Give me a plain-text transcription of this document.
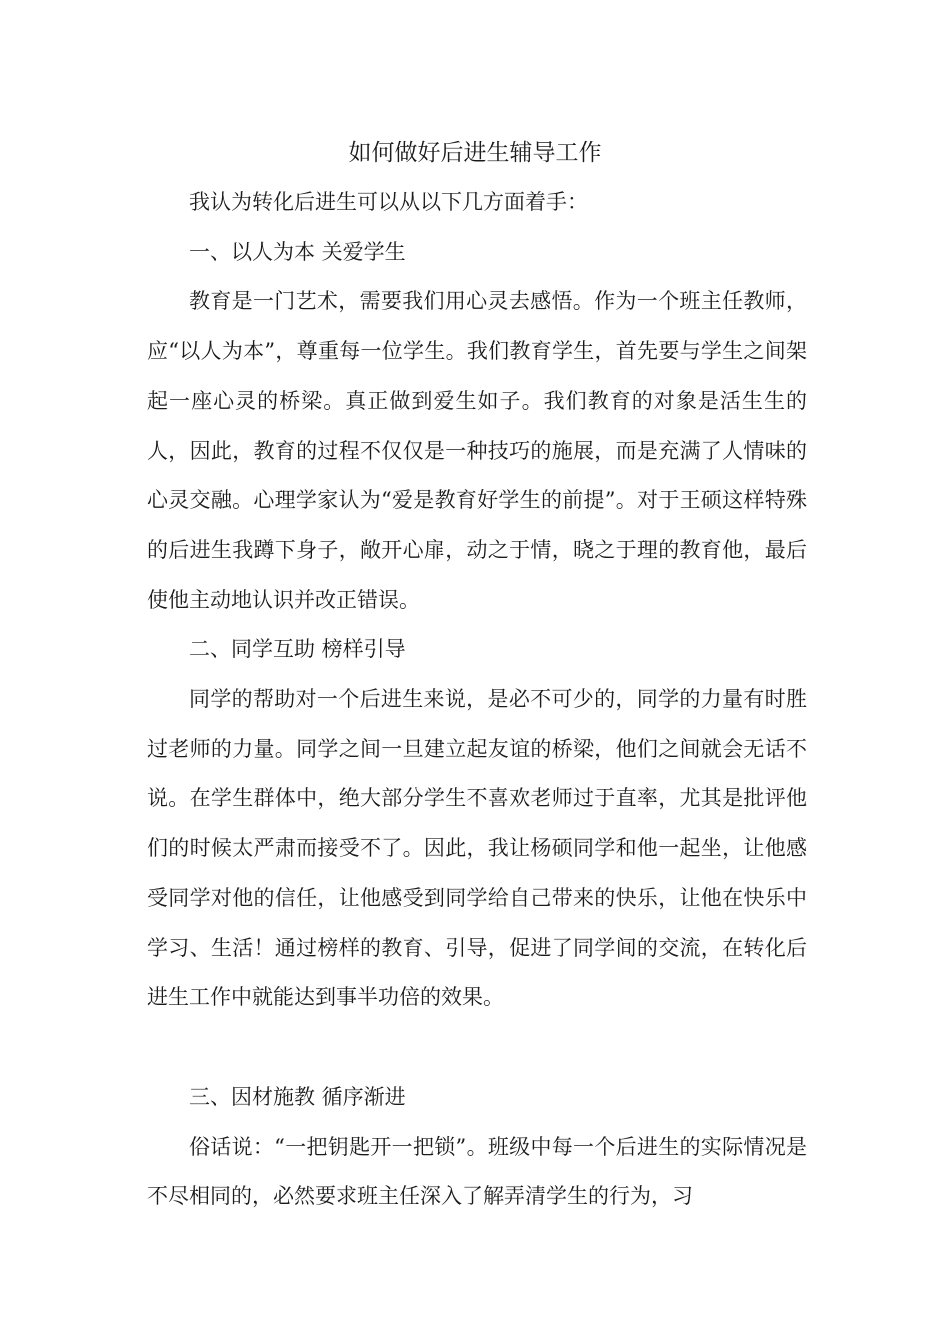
如何做好后进生辅导工作

我认为转化后进生可以从以下几方面着手：

一、以人为本 关爱学生

教育是一门艺术，需要我们用心灵去感悟。作为一个班主任教师，应“以人为本”，尊重每一位学生。我们教育学生，首先要与学生之间架起一座心灵的桥梁。真正做到爱生如子。我们教育的对象是活生生的人，因此，教育的过程不仅仅是一种技巧的施展，而是充满了人情味的心灵交融。心理学家认为“爱是教育好学生的前提”。对于王硕这样特殊的后进生我蹲下身子，敞开心扉，动之于情，晓之于理的教育他，最后使他主动地认识并改正错误。

二、同学互助 榜样引导

同学的帮助对一个后进生来说，是必不可少的，同学的力量有时胜过老师的力量。同学之间一旦建立起友谊的桥梁，他们之间就会无话不说。在学生群体中，绝大部分学生不喜欢老师过于直率，尤其是批评他们的时候太严肃而接受不了。因此，我让杨硕同学和他一起坐，让他感受同学对他的信任，让他感受到同学给自己带来的快乐，让他在快乐中学习、生活！通过榜样的教育、引导，促进了同学间的交流，在转化后进生工作中就能达到事半功倍的效果。

三、因材施教 循序渐进

俗话说：“一把钥匙开一把锁”。班级中每一个后进生的实际情况是不尽相同的，必然要求班主任深入了解弄清学生的行为，习
